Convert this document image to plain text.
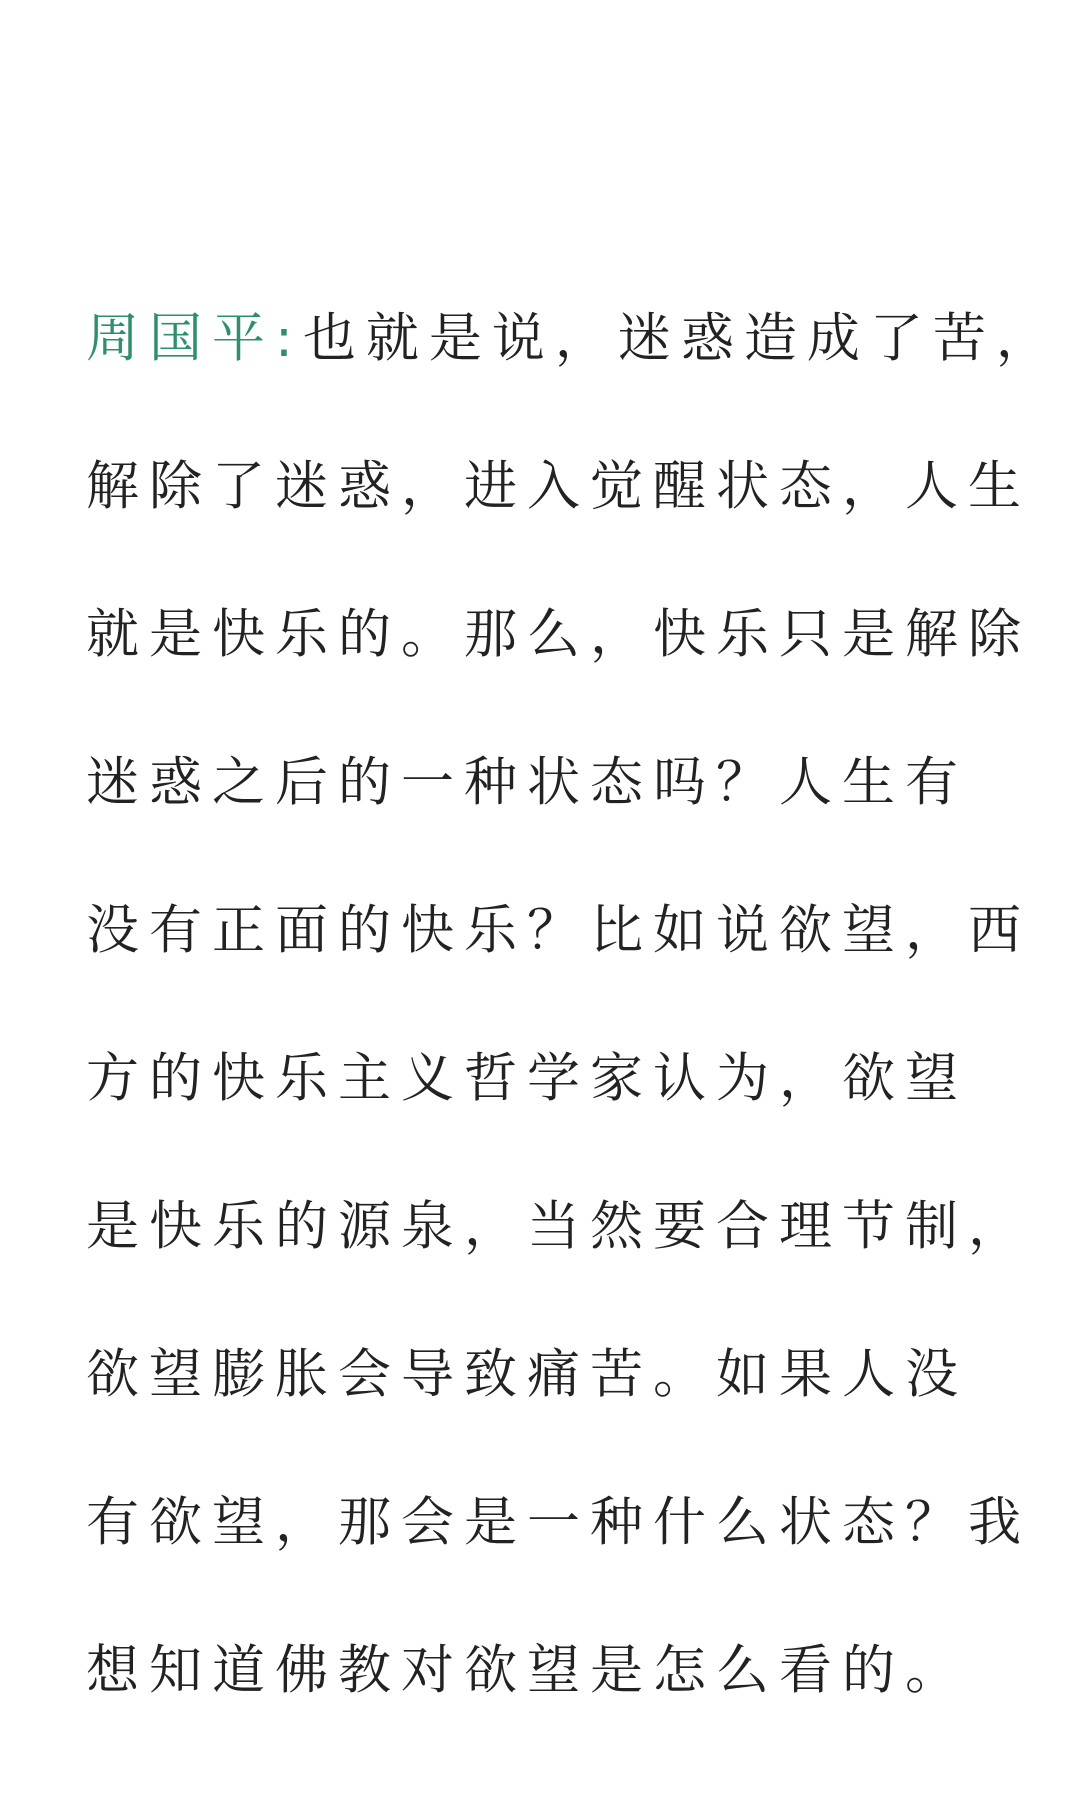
周国平:也就是说，迷惑造成了苦，
解除了迷惑，进入觉醒状态，人生
就是快乐的。那么，快乐只是解除
迷惑之后的一种状态吗？人生有
没有正面的快乐？比如说欲望，西
方的快乐主义哲学家认为，欲望
是快乐的源泉，当然要合理节制，
欲望膨胀会导致痛苦。如果人没
有欲望，那会是一种什么状态？我
想知道佛教对欲望是怎么看的。
